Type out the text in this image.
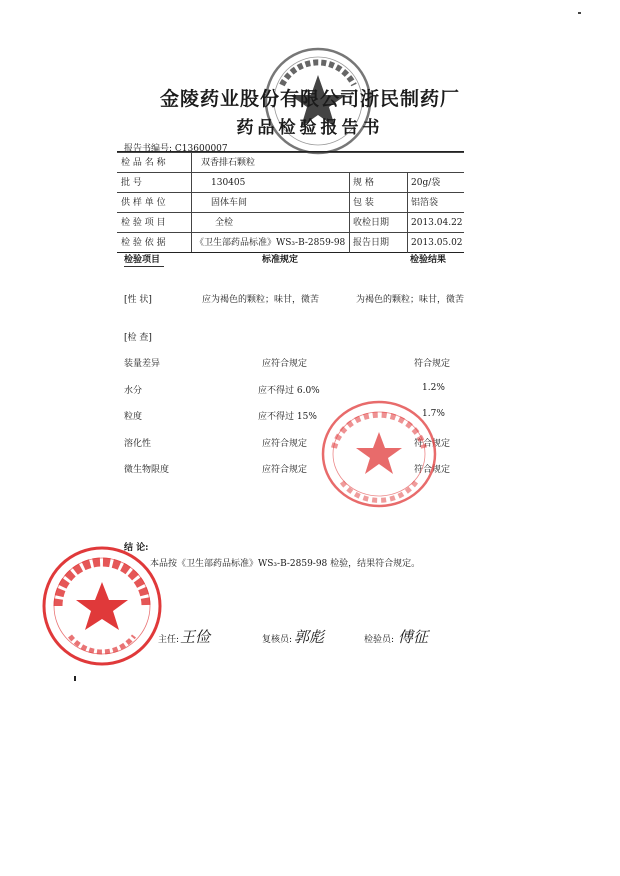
金陵药业股份有限公司浙民制药厂
药品检验报告书
报告书编号: C13600007
检 品 名 称	双香排石颗粒
批 号	130405	规 格	20g/袋
供 样 单 位	固体车间	包 装	铝箔袋
检 验 项 目	全检	收检日期 2013.04.22
检 验 依 据	《卫生部药品标准》WS₃-B-2859-98 报告日期 2013.05.02
检验项目	标准规定	检验结果
[性 状]	应为褐色的颗粒；味甘，微苦	为褐色的颗粒；味甘，微苦
[检 查]
装量差异	应符合规定	符合规定
水分	应不得过 6.0%	1.2%
粒度	应不得过 15%	1.7%
溶化性	应符合规定	符合规定
微生物限度	应符合规定	符合规定
结 论:
本品按《卫生部药品标准》WS₃-B-2859-98 检验，结果符合规定。
主任: 王俭	复核员: 郭彪	检验员: 傅征
